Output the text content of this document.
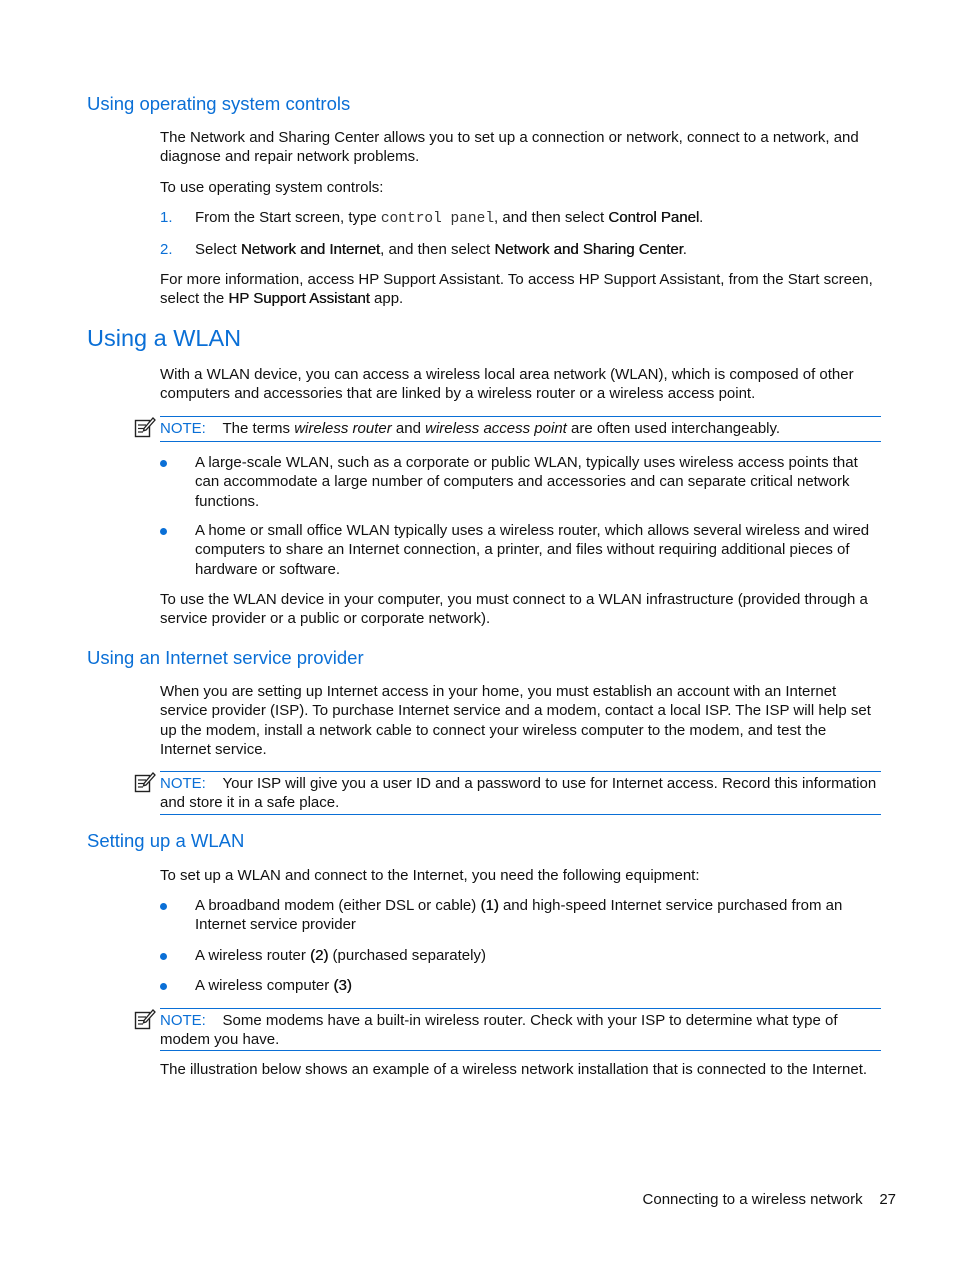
Using operating system controls

The Network and Sharing Center allows you to set up a connection or network, connect to a network, and diagnose and repair network problems.

To use operating system controls:

1. From the Start screen, type control panel, and then select Control Panel.
2. Select Network and Internet, and then select Network and Sharing Center.

For more information, access HP Support Assistant. To access HP Support Assistant, from the Start screen, select the HP Support Assistant app.

Using a WLAN

With a WLAN device, you can access a wireless local area network (WLAN), which is composed of other computers and accessories that are linked by a wireless router or a wireless access point.

NOTE: The terms wireless router and wireless access point are often used interchangeably.
A large-scale WLAN, such as a corporate or public WLAN, typically uses wireless access points that can accommodate a large number of computers and accessories and can separate critical network functions.
A home or small office WLAN typically uses a wireless router, which allows several wireless and wired computers to share an Internet connection, a printer, and files without requiring additional pieces of hardware or software.

To use the WLAN device in your computer, you must connect to a WLAN infrastructure (provided through a service provider or a public or corporate network).

Using an Internet service provider

When you are setting up Internet access in your home, you must establish an account with an Internet service provider (ISP). To purchase Internet service and a modem, contact a local ISP. The ISP will help set up the modem, install a network cable to connect your wireless computer to the modem, and test the Internet service.

NOTE: Your ISP will give you a user ID and a password to use for Internet access. Record this information and store it in a safe place.
Setting up a WLAN

To set up a WLAN and connect to the Internet, you need the following equipment:

A broadband modem (either DSL or cable) (1) and high-speed Internet service purchased from an Internet service provider
A wireless router (2) (purchased separately)
A wireless computer (3)
NOTE: Some modems have a built-in wireless router. Check with your ISP to determine what type of modem you have.

The illustration below shows an example of a wireless network installation that is connected to the Internet.

Connecting to a wireless network 27
